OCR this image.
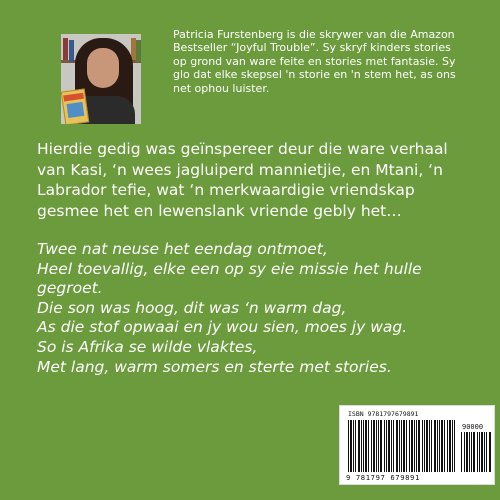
Patricia Furstenberg is die skrywer van die Amazon Bestseller “Joyful Trouble”. Sy skryf kinders stories op grond van ware feite en stories met fantasie. Sy glo dat elke skepsel 'n storie en 'n stem het, as ons net ophou luister.

Hierdie gedig was geïnspereer deur die ware verhaal van Kasi, ‘n wees jagluiperd mannietjie, en Mtani, ‘n Labrador tefie, wat ‘n merkwaardigie vriendskap gesmee het en lewenslank vriende gebly het…

Twee nat neuse het eendag ontmoet,
Heel toevallig, elke een op sy eie missie het hulle gegroet.
Die son was hoog, dit was ‘n warm dag,
As die stof opwaai en jy wou sien, moes jy wag.
So is Afrika se wilde vlaktes,
Met lang, warm somers en sterte met stories.
ISBN 9781797679891
90000
9 781797 679891
